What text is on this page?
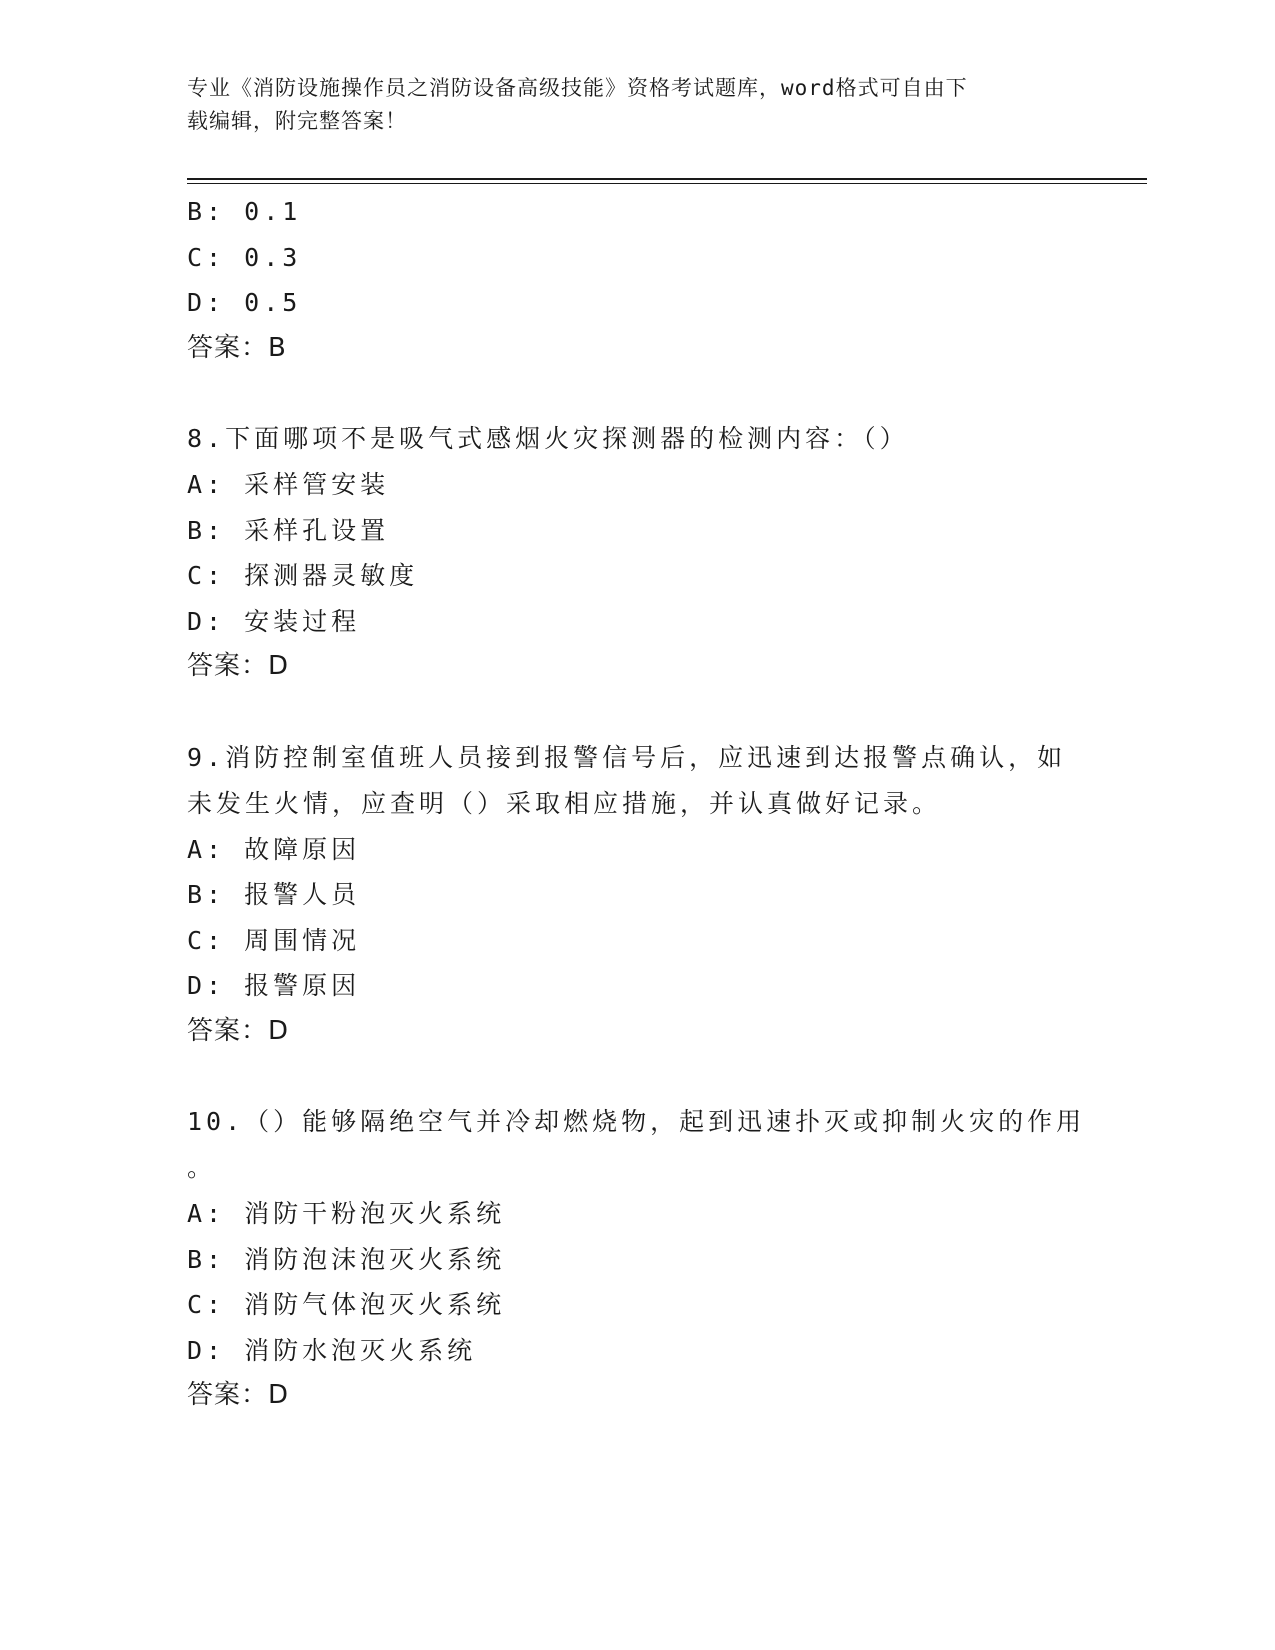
专业《消防设施操作员之消防设备高级技能》资格考试题库，word格式可自由下
载编辑，附完整答案！
B: 0.1
C: 0.3
D: 0.5
答案：B
8.下面哪项不是吸气式感烟火灾探测器的检测内容：（）
A: 采样管安装
B: 采样孔设置
C: 探测器灵敏度
D: 安装过程
答案：D
9.消防控制室值班人员接到报警信号后，应迅速到达报警点确认，如
未发生火情，应查明（）采取相应措施，并认真做好记录。
A: 故障原因
B: 报警人员
C: 周围情况
D: 报警原因
答案：D
10.（）能够隔绝空气并冷却燃烧物，起到迅速扑灭或抑制火灾的作用
。
A: 消防干粉泡灭火系统
B: 消防泡沫泡灭火系统
C: 消防气体泡灭火系统
D: 消防水泡灭火系统
答案：D
